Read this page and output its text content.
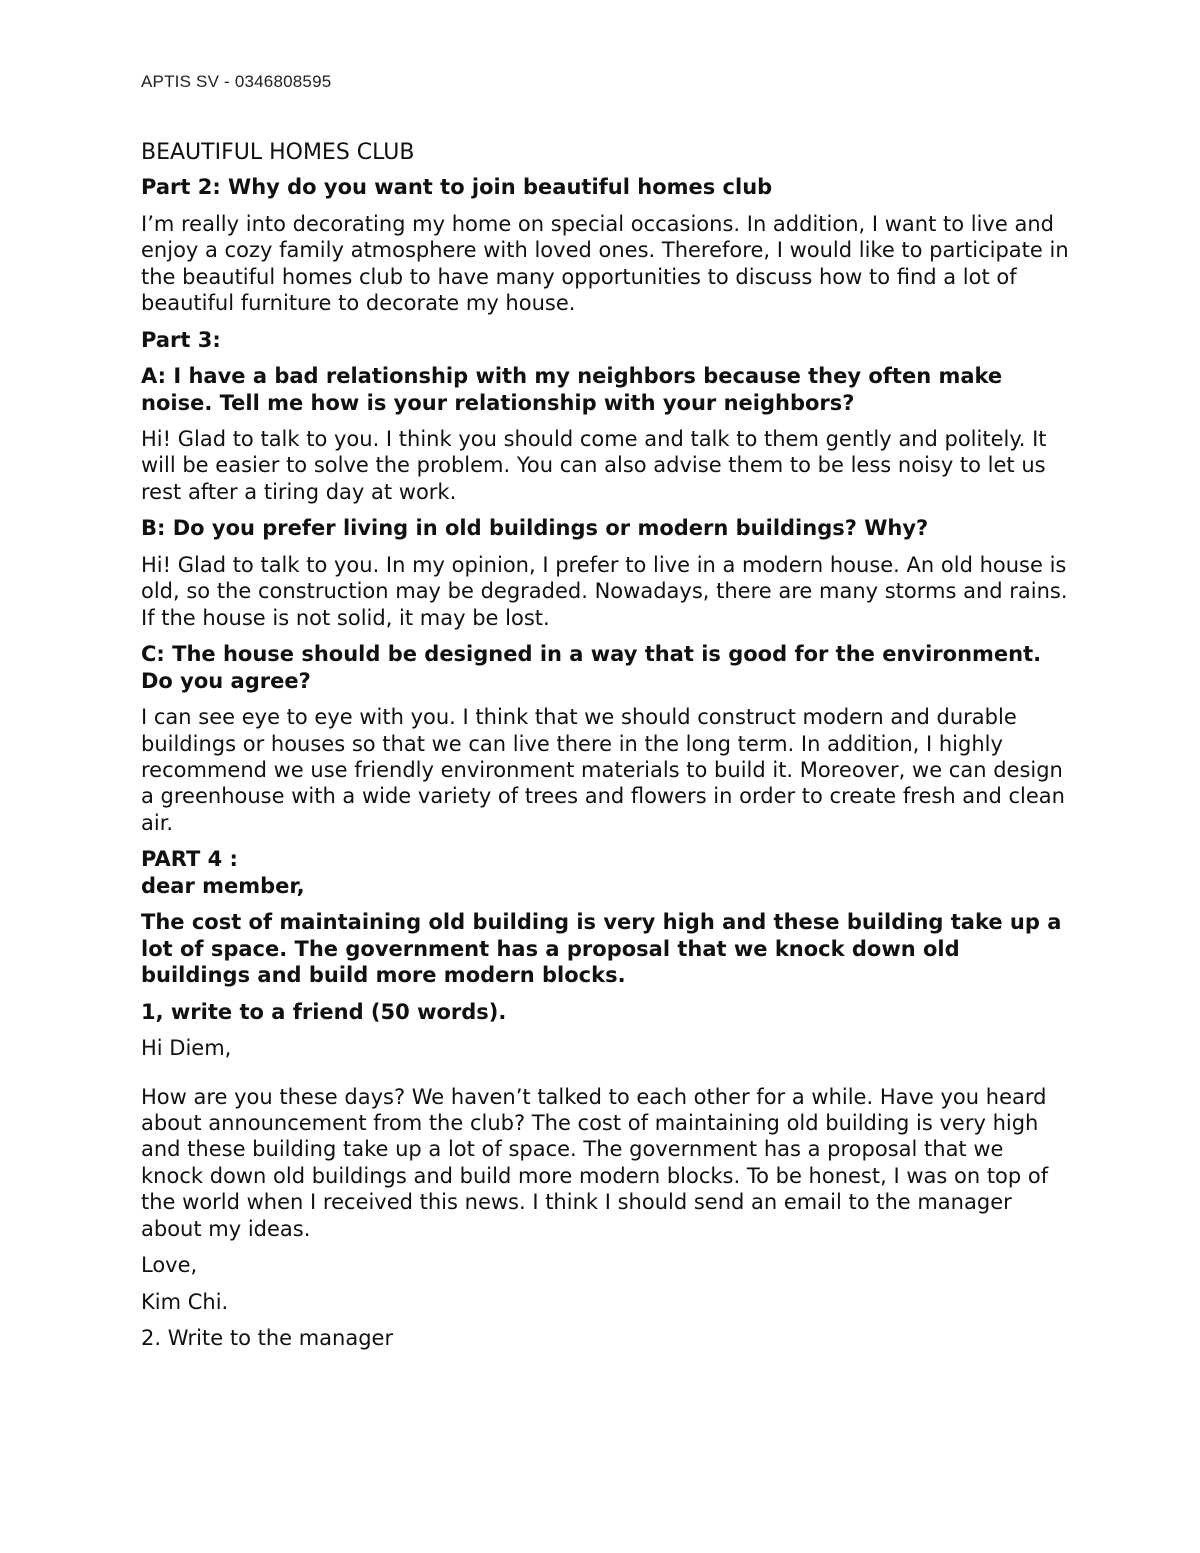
APTIS SV - 0346808595
BEAUTIFUL HOMES CLUB
Part 2: Why do you want to join beautiful homes club
I’m really into decorating my home on special occasions. In addition, I want to live and enjoy a cozy family atmosphere with loved ones. Therefore, I would like to participate in the beautiful homes club to have many opportunities to discuss how to find a lot of beautiful furniture to decorate my house.
Part 3:
A: I have a bad relationship with my neighbors because they often make noise. Tell me how is your relationship with your neighbors?
Hi! Glad to talk to you. I think you should come and talk to them gently and politely. It will be easier to solve the problem. You can also advise them to be less noisy to let us rest after a tiring day at work.
B: Do you prefer living in old buildings or modern buildings? Why?
Hi! Glad to talk to you. In my opinion, I prefer to live in a modern house. An old house is old, so the construction may be degraded. Nowadays, there are many storms and rains. If the house is not solid, it may be lost.
C: The house should be designed in a way that is good for the environment. Do you agree?
I can see eye to eye with you. I think that we should construct modern and durable buildings or houses so that we can live there in the long term. In addition, I highly recommend we use friendly environment materials to build it. Moreover, we can design a greenhouse with a wide variety of trees and flowers in order to create fresh and clean air.
PART 4 :
dear member,
The cost of maintaining old building is very high and these building take up a lot of space. The government has a proposal that we knock down old buildings and build more modern blocks.
1, write to a friend (50 words).
Hi Diem,
How are you these days? We haven’t talked to each other for a while. Have you heard about announcement from the club? The cost of maintaining old building is very high and these building take up a lot of space. The government has a proposal that we knock down old buildings and build more modern blocks. To be honest, I was on top of the world when I received this news. I think I should send an email to the manager about my ideas.
Love,
Kim Chi.
2. Write to the manager
